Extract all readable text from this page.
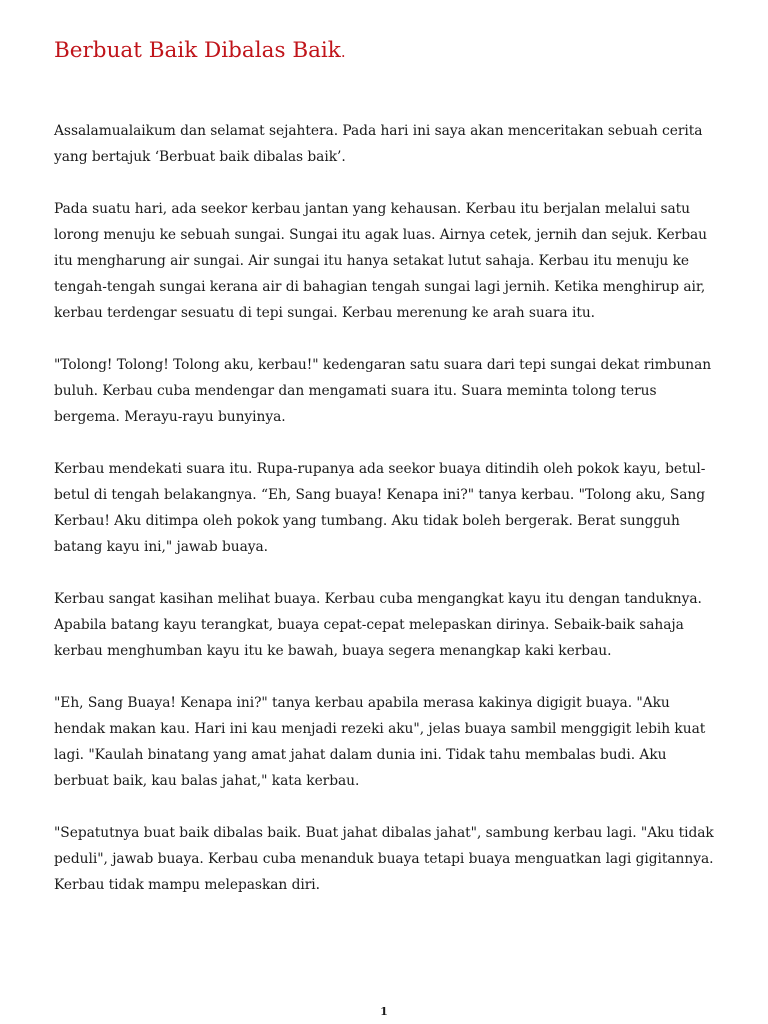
Berbuat Baik Dibalas Baik.

Assalamualaikum dan selamat sejahtera. Pada hari ini saya akan menceritakan sebuah cerita yang bertajuk ‘Berbuat baik dibalas baik’.

Pada suatu hari, ada seekor kerbau jantan yang kehausan. Kerbau itu berjalan melalui satu lorong menuju ke sebuah sungai. Sungai itu agak luas. Airnya cetek, jernih dan sejuk. Kerbau itu mengharung air sungai. Air sungai itu hanya setakat lutut sahaja. Kerbau itu menuju ke tengah-tengah sungai kerana air di bahagian tengah sungai lagi jernih. Ketika menghirup air, kerbau terdengar sesuatu di tepi sungai. Kerbau merenung ke arah suara itu.

"Tolong! Tolong! Tolong aku, kerbau!" kedengaran satu suara dari tepi sungai dekat rimbunan buluh. Kerbau cuba mendengar dan mengamati suara itu. Suara meminta tolong terus bergema. Merayu-rayu bunyinya.

Kerbau mendekati suara itu. Rupa-rupanya ada seekor buaya ditindih oleh pokok kayu, betul-betul di tengah belakangnya. “Eh, Sang buaya! Kenapa ini?" tanya kerbau. "Tolong aku, Sang Kerbau! Aku ditimpa oleh pokok yang tumbang. Aku tidak boleh bergerak. Berat sungguh batang kayu ini," jawab buaya.

Kerbau sangat kasihan melihat buaya. Kerbau cuba mengangkat kayu itu dengan tanduknya. Apabila batang kayu terangkat, buaya cepat-cepat melepaskan dirinya. Sebaik-baik sahaja kerbau menghumban kayu itu ke bawah, buaya segera menangkap kaki kerbau.

"Eh, Sang Buaya! Kenapa ini?" tanya kerbau apabila merasa kakinya digigit buaya. "Aku hendak makan kau. Hari ini kau menjadi rezeki aku", jelas buaya sambil menggigit lebih kuat lagi. "Kaulah binatang yang amat jahat dalam dunia ini. Tidak tahu membalas budi. Aku berbuat baik, kau balas jahat," kata kerbau.

"Sepatutnya buat baik dibalas baik. Buat jahat dibalas jahat", sambung kerbau lagi. "Aku tidak peduli", jawab buaya. Kerbau cuba menanduk buaya tetapi buaya menguatkan lagi gigitannya. Kerbau tidak mampu melepaskan diri.

1
